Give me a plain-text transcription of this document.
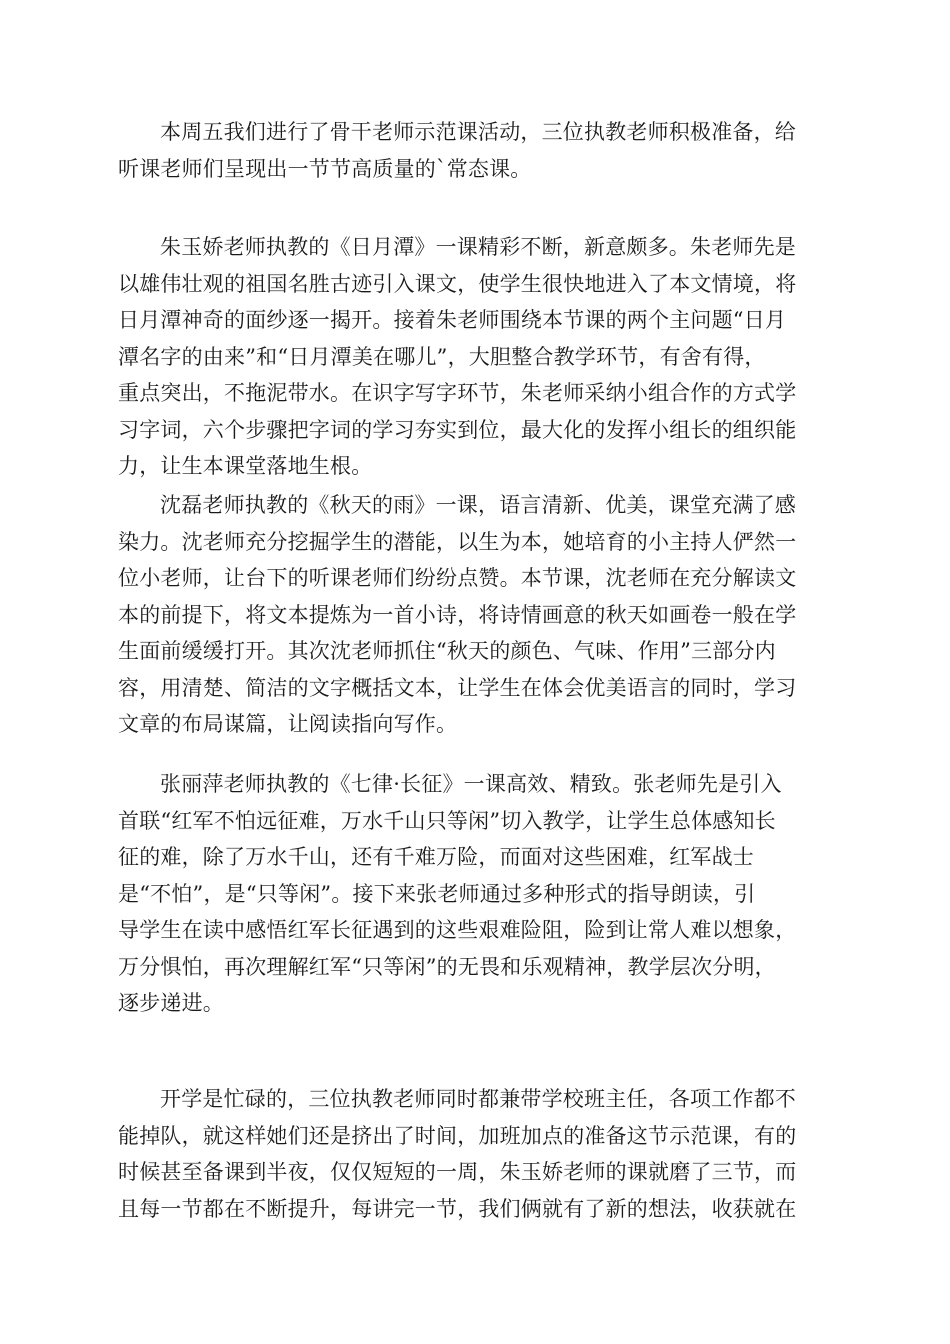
本周五我们进行了骨干老师示范课活动，三位执教老师积极准备，给
听课老师们呈现出一节节高质量的`常态课。

朱玉娇老师执教的《日月潭》一课精彩不断，新意颇多。朱老师先是
以雄伟壮观的祖国名胜古迹引入课文，使学生很快地进入了本文情境，将
日月潭神奇的面纱逐一揭开。接着朱老师围绕本节课的两个主问题“日月
潭名字的由来”和“日月潭美在哪儿”，大胆整合教学环节，有舍有得，
重点突出，不拖泥带水。在识字写字环节，朱老师采纳小组合作的方式学
习字词，六个步骤把字词的学习夯实到位，最大化的发挥小组长的组织能
力，让生本课堂落地生根。

沈磊老师执教的《秋天的雨》一课，语言清新、优美，课堂充满了感
染力。沈老师充分挖掘学生的潜能，以生为本，她培育的小主持人俨然一
位小老师，让台下的听课老师们纷纷点赞。本节课，沈老师在充分解读文
本的前提下，将文本提炼为一首小诗，将诗情画意的秋天如画卷一般在学
生面前缓缓打开。其次沈老师抓住“秋天的颜色、气味、作用”三部分内
容，用清楚、简洁的文字概括文本，让学生在体会优美语言的同时，学习
文章的布局谋篇，让阅读指向写作。

张丽萍老师执教的《七律·长征》一课高效、精致。张老师先是引入
首联“红军不怕远征难，万水千山只等闲”切入教学，让学生总体感知长
征的难，除了万水千山，还有千难万险，而面对这些困难，红军战士
是“不怕”，是“只等闲”。接下来张老师通过多种形式的指导朗读，引
导学生在读中感悟红军长征遇到的这些艰难险阻，险到让常人难以想象，
万分惧怕，再次理解红军“只等闲”的无畏和乐观精神，教学层次分明，
逐步递进。

开学是忙碌的，三位执教老师同时都兼带学校班主任，各项工作都不
能掉队，就这样她们还是挤出了时间，加班加点的准备这节示范课，有的
时候甚至备课到半夜，仅仅短短的一周，朱玉娇老师的课就磨了三节，而
且每一节都在不断提升，每讲完一节，我们俩就有了新的想法，收获就在
